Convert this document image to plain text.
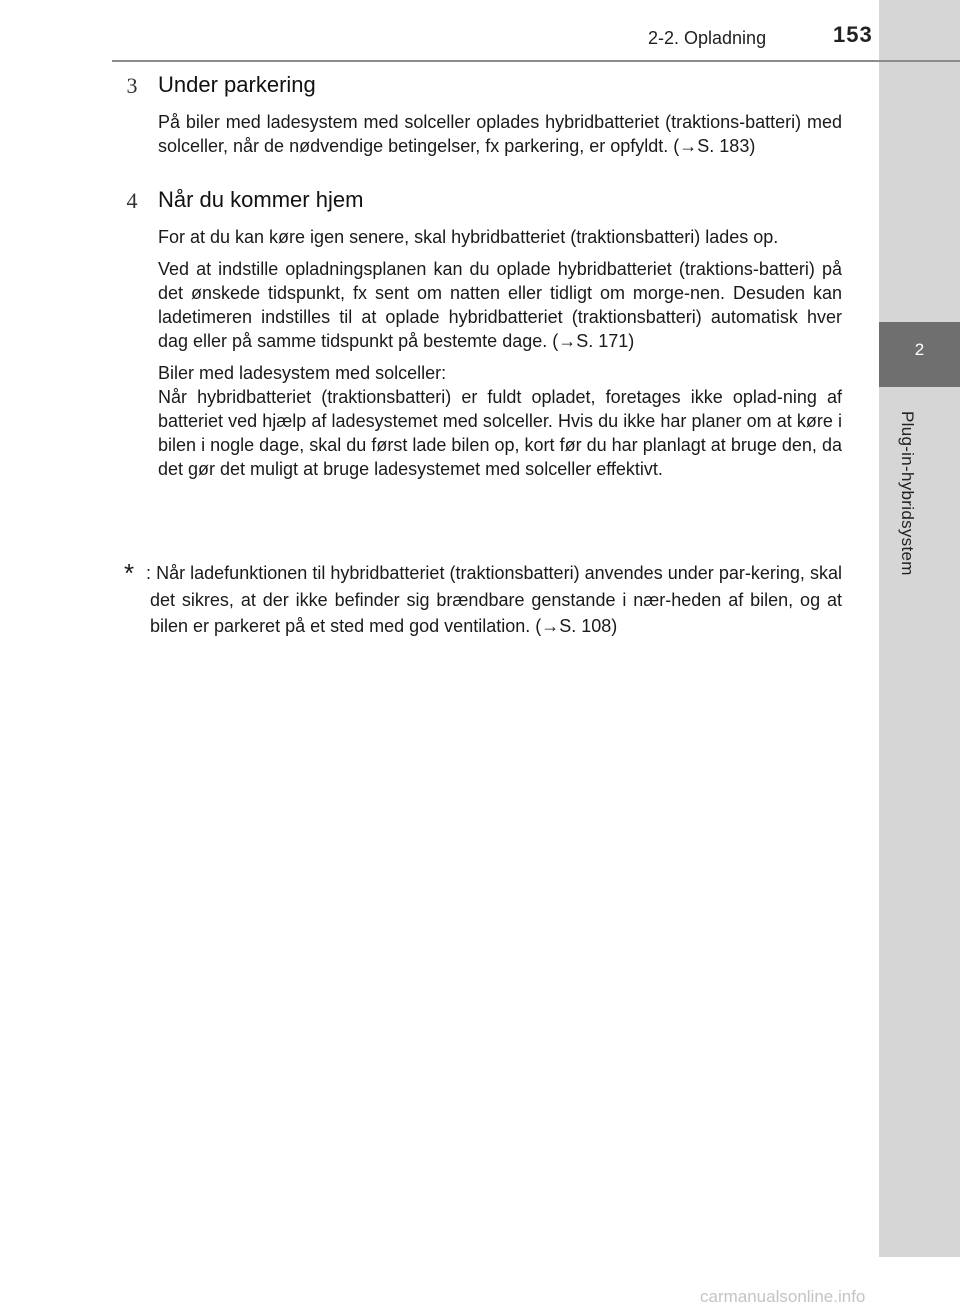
2
Plug-in-hybridsystem
2-2. Opladning	153
3 Under parkering

På biler med ladesystem med solceller oplades hybridbatteriet (traktions-batteri) med solceller, når de nødvendige betingelser, fx parkering, er opfyldt. (→S. 183)

4 Når du kommer hjem

For at du kan køre igen senere, skal hybridbatteriet (traktionsbatteri) lades op.

Ved at indstille opladningsplanen kan du oplade hybridbatteriet (traktions-batteri) på det ønskede tidspunkt, fx sent om natten eller tidligt om morge-nen. Desuden kan ladetimeren indstilles til at oplade hybridbatteriet (traktionsbatteri) automatisk hver dag eller på samme tidspunkt på bestemte dage. (→S. 171)

Biler med ladesystem med solceller:

Når hybridbatteriet (traktionsbatteri) er fuldt opladet, foretages ikke oplad-ning af batteriet ved hjælp af ladesystemet med solceller. Hvis du ikke har planer om at køre i bilen i nogle dage, skal du først lade bilen op, kort før du har planlagt at bruge den, da det gør det muligt at bruge ladesystemet med solceller effektivt.

* : Når ladefunktionen til hybridbatteriet (traktionsbatteri) anvendes under par-kering, skal det sikres, at der ikke befinder sig brændbare genstande i nær-heden af bilen, og at bilen er parkeret på et sted med god ventilation. (→S. 108)

carmanualsonline.info
